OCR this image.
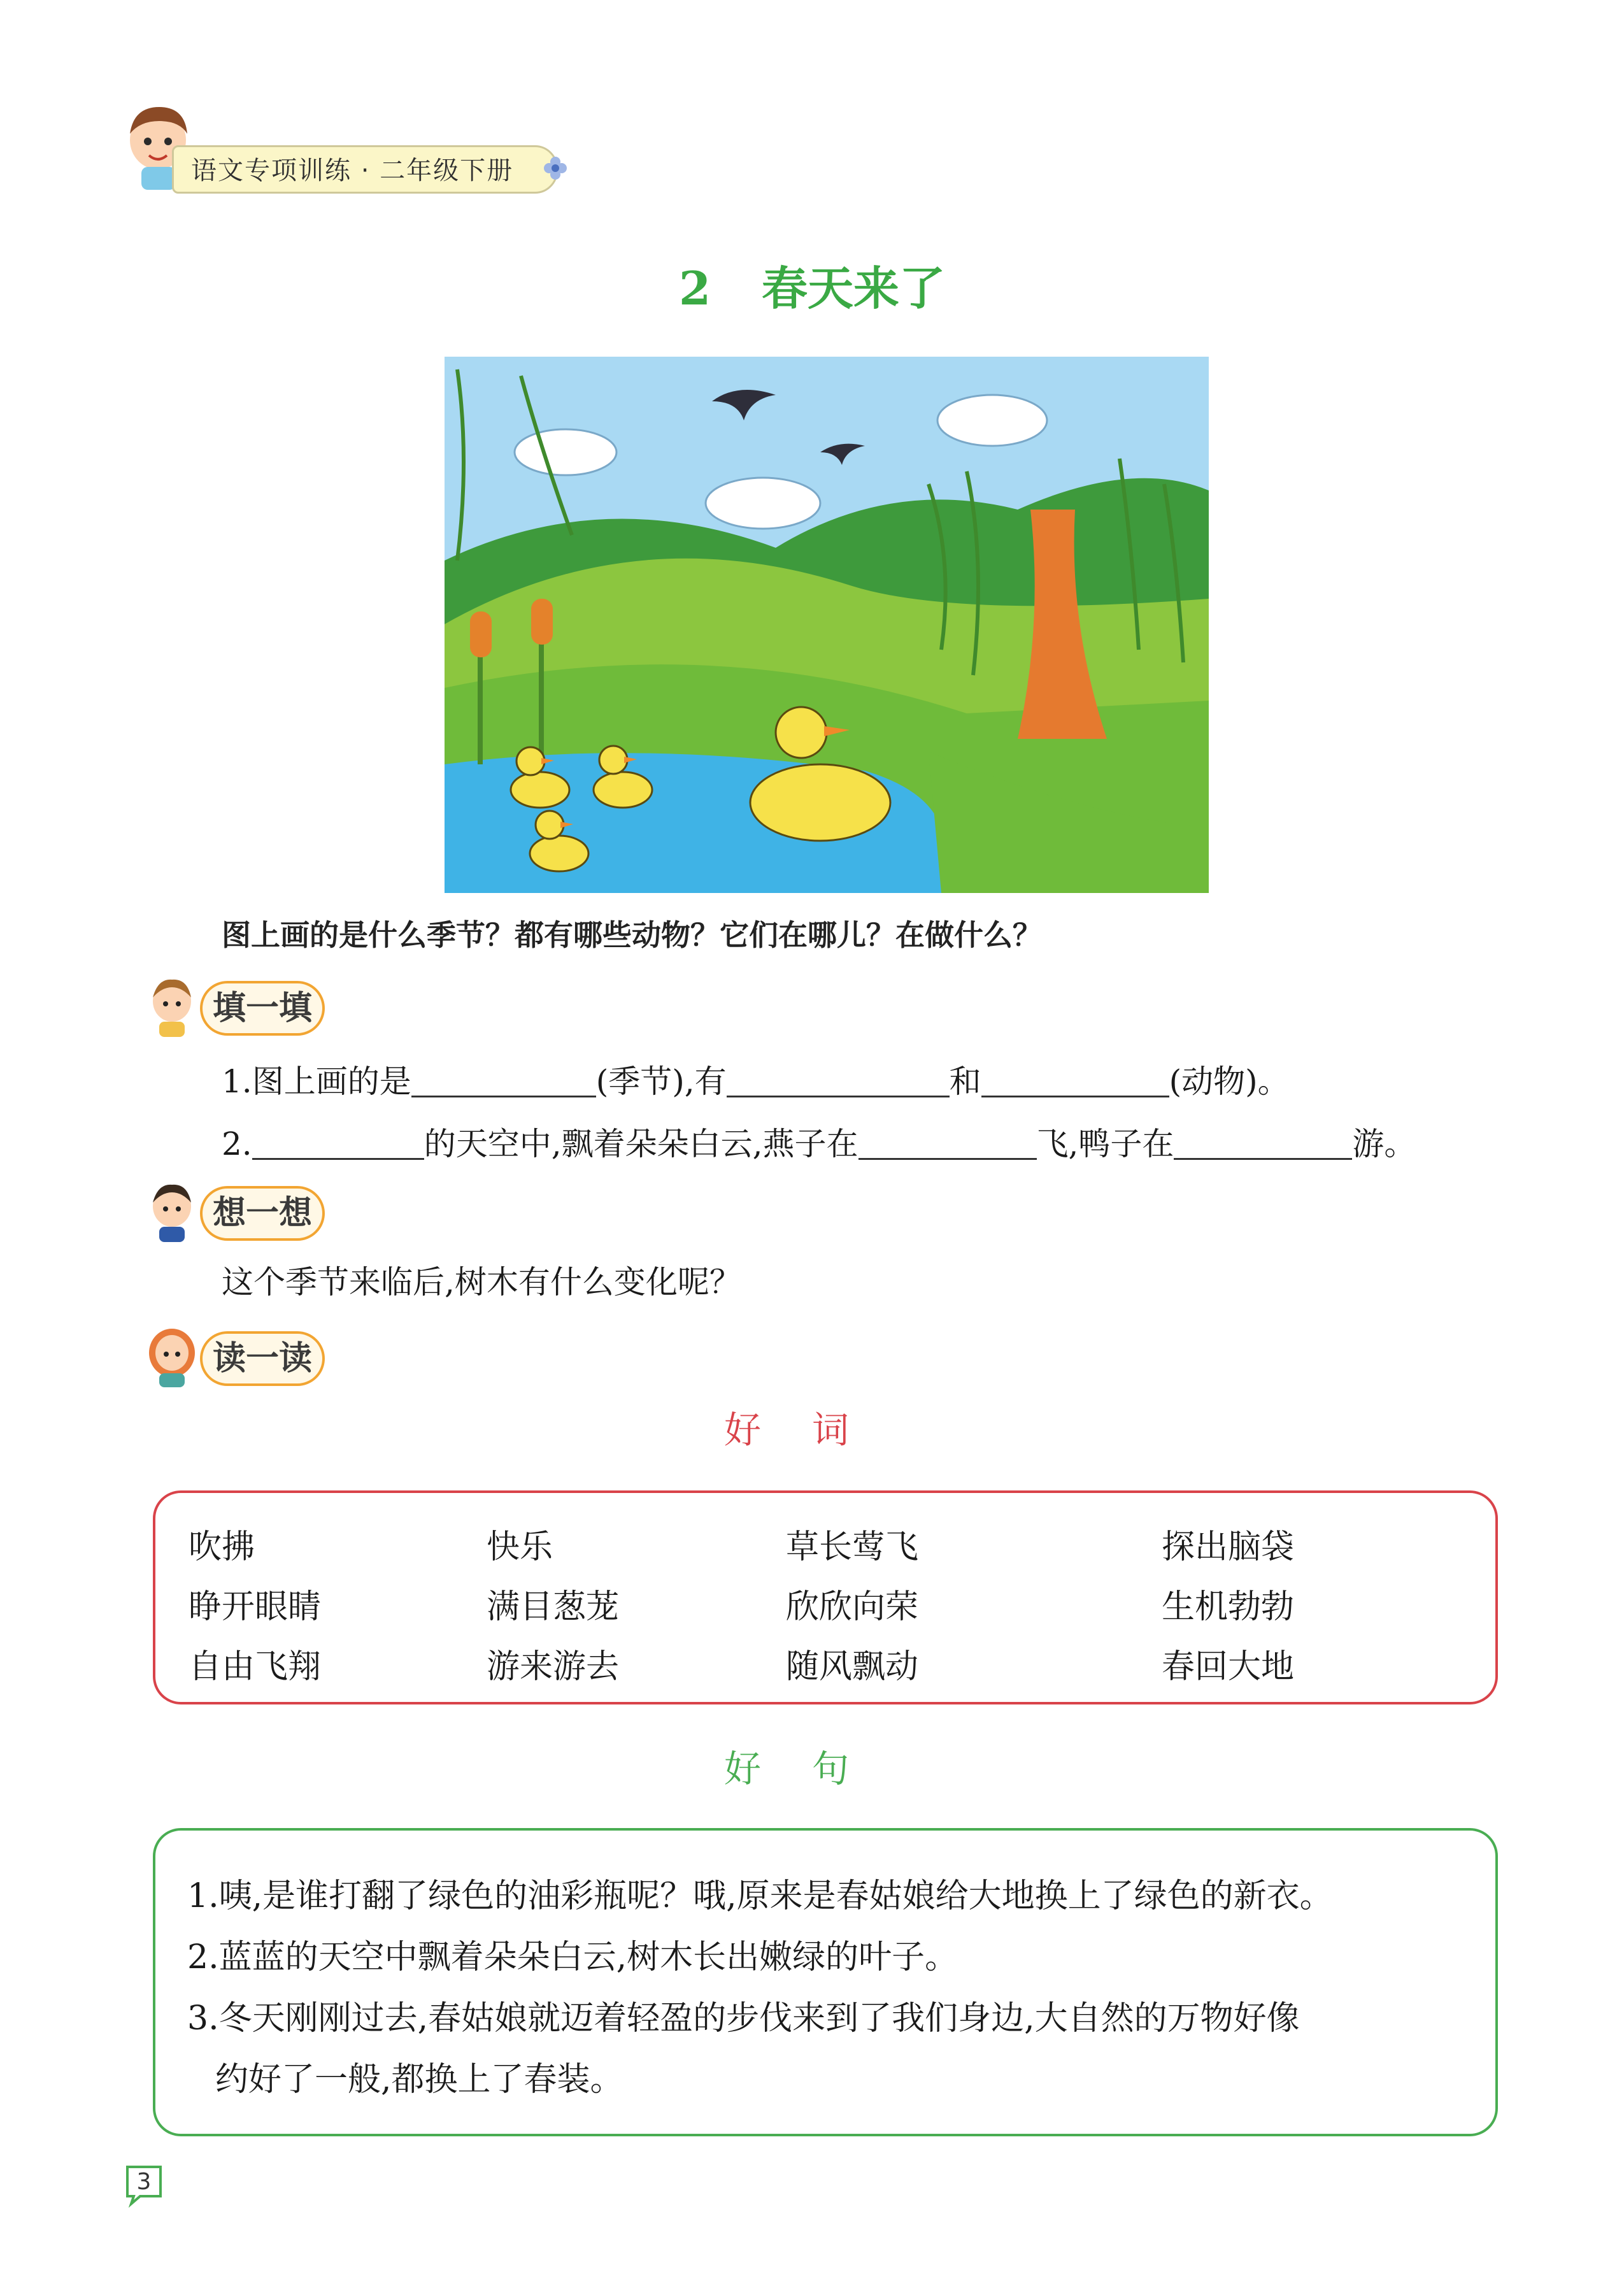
语文专项训练 · 二年级下册
2 春天来了
图上画的是什么季节？都有哪些动物？它们在哪儿？在做什么？
填一填
1.图上画的是	(季节),有	和	(动物)。
2.	的天空中,飘着朵朵白云,燕子在	飞,鸭子在	游。
想一想
这个季节来临后,树木有什么变化呢？
读一读
好词
吹拂	快乐	草长莺飞	探出脑袋
睁开眼睛	满目葱茏	欣欣向荣	生机勃勃
自由飞翔	游来游去	随风飘动	春回大地
好句
1.咦,是谁打翻了绿色的油彩瓶呢？哦,原来是春姑娘给大地换上了绿色的新衣。
2.蓝蓝的天空中飘着朵朵白云,树木长出嫩绿的叶子。
3.冬天刚刚过去,春姑娘就迈着轻盈的步伐来到了我们身边,大自然的万物好像
约好了一般,都换上了春装。
3
